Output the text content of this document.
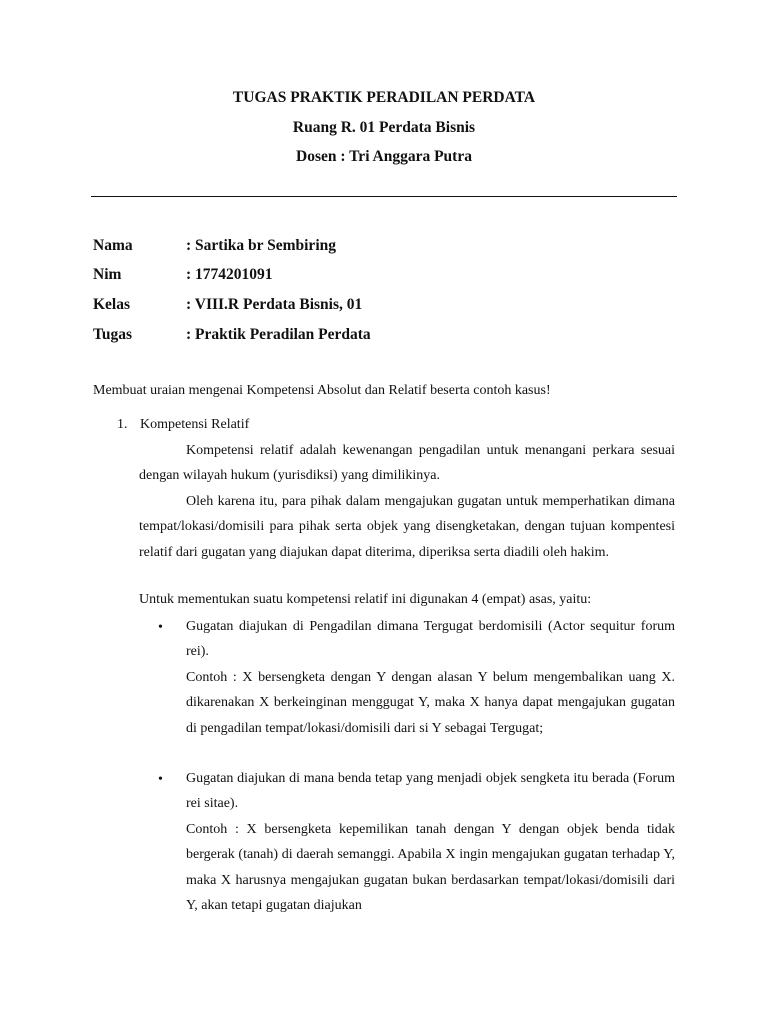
TUGAS PRAKTIK PERADILAN PERDATA
Ruang R. 01 Perdata Bisnis
Dosen : Tri Anggara Putra
Nama	: Sartika br Sembiring
Nim	: 1774201091
Kelas	: VIII.R Perdata Bisnis, 01
Tugas	: Praktik Peradilan Perdata
Membuat uraian mengenai Kompetensi Absolut dan Relatif beserta contoh kasus!
1. Kompetensi Relatif

Kompetensi relatif adalah kewenangan pengadilan untuk menangani perkara sesuai dengan wilayah hukum (yurisdiksi) yang dimilikinya.

Oleh karena itu, para pihak dalam mengajukan gugatan untuk memperhatikan dimana tempat/lokasi/domisili para pihak serta objek yang disengketakan, dengan tujuan kompentesi relatif dari gugatan yang diajukan dapat diterima, diperiksa serta diadili oleh hakim.

Untuk mementukan suatu kompetensi relatif ini digunakan 4 (empat) asas, yaitu:
• Gugatan diajukan di Pengadilan dimana Tergugat berdomisili (Actor sequitur forum rei).

Contoh : X bersengketa dengan Y dengan alasan Y belum mengembalikan uang X. dikarenakan X berkeinginan menggugat Y, maka X hanya dapat mengajukan gugatan di pengadilan tempat/lokasi/domisili dari si Y sebagai Tergugat;

• Gugatan diajukan di mana benda tetap yang menjadi objek sengketa itu berada (Forum rei sitae).

Contoh : X bersengketa kepemilikan tanah dengan Y dengan objek benda tidak bergerak (tanah) di daerah semanggi. Apabila X ingin mengajukan gugatan terhadap Y, maka X harusnya mengajukan gugatan bukan berdasarkan tempat/lokasi/domisili dari Y, akan tetapi gugatan diajukan
